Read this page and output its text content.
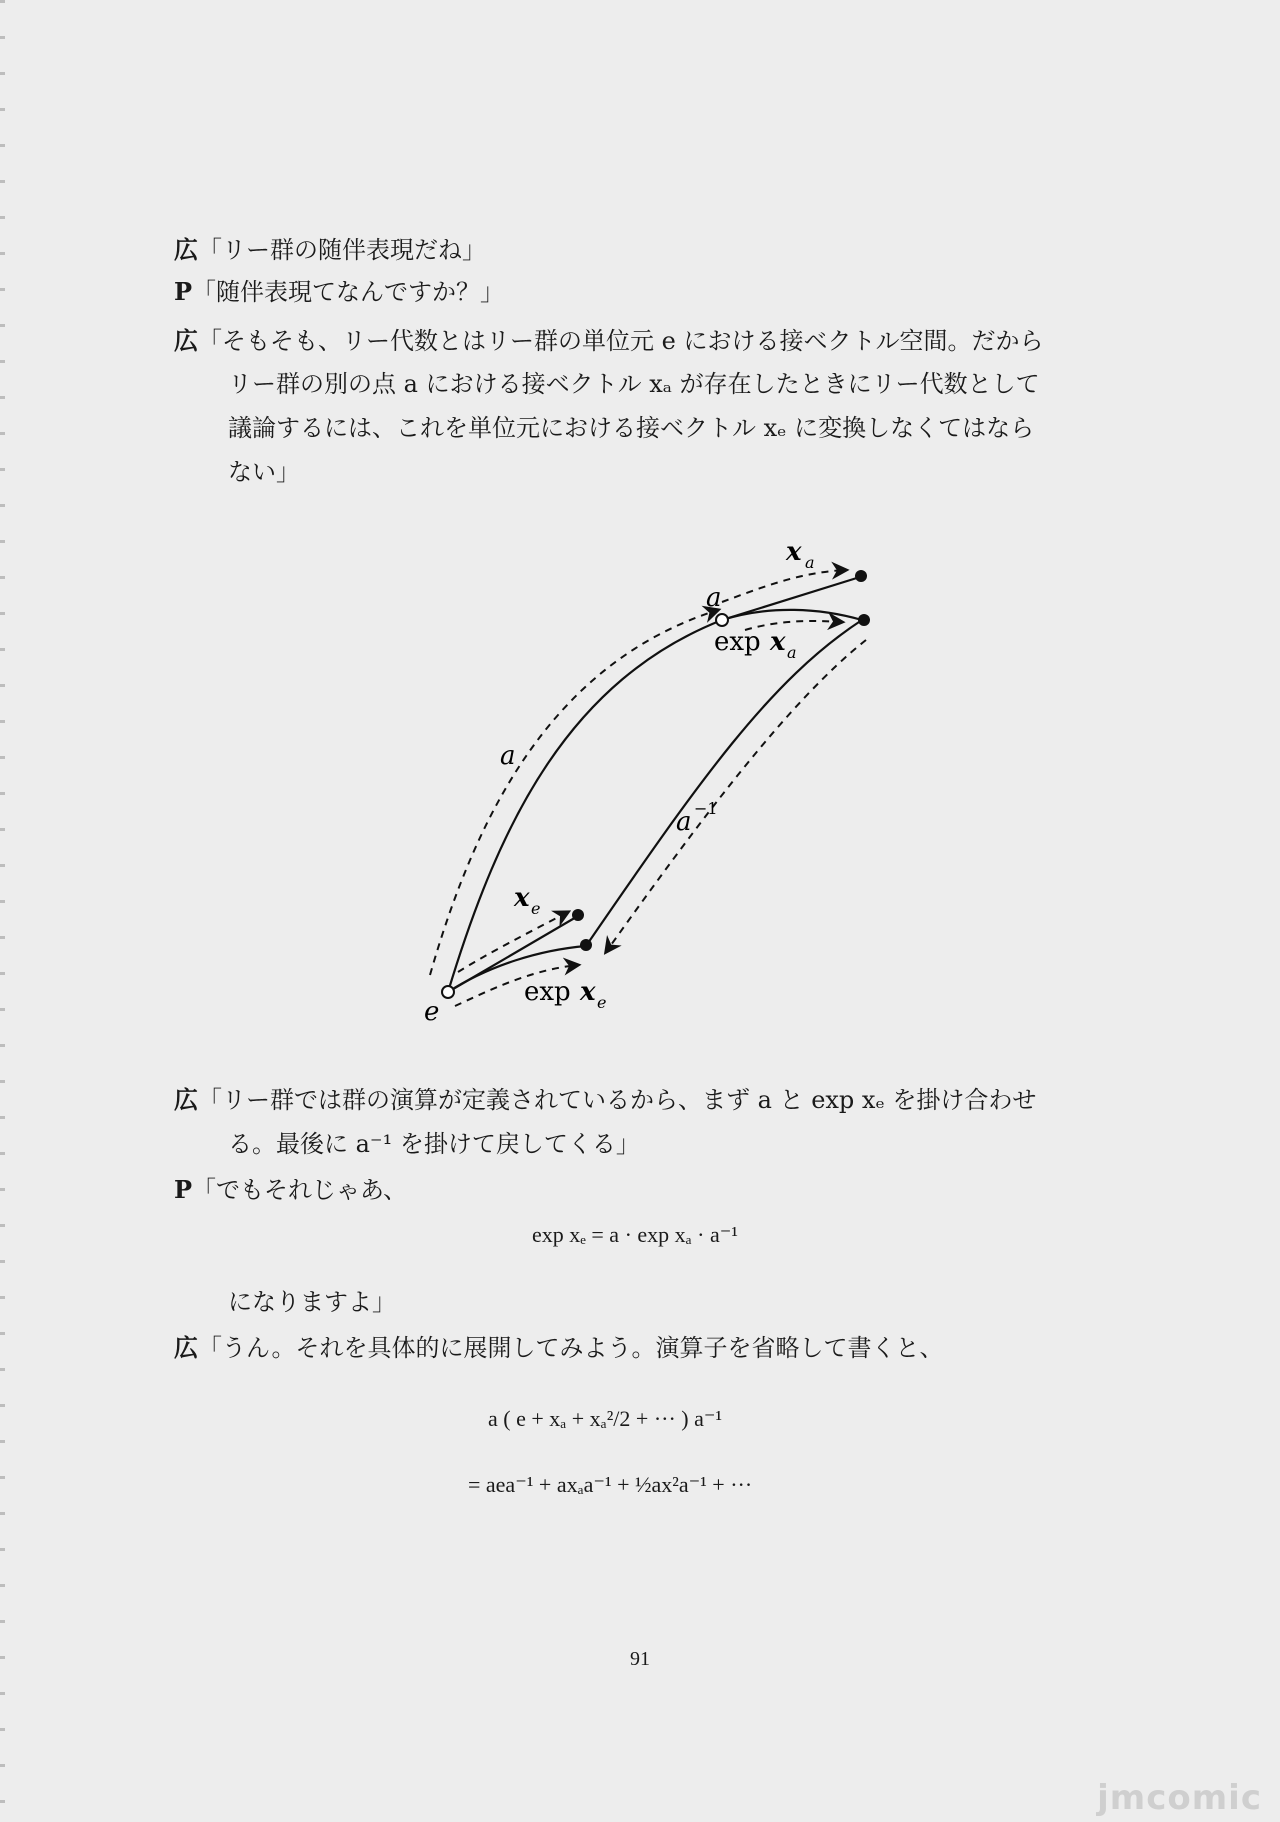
広「リー群の随伴表現だね」
P「随伴表現てなんですか？」
広「そもそも、リー代数とはリー群の単位元 e における接ベクトル空間。だから
リー群の別の点 a における接ベクトル xₐ が存在したときにリー代数として
議論するには、これを単位元における接ベクトル xₑ に変換しなくてはなら
ない」
x a
a
exp x a
a
a −1
x e
exp x e
e
広「リー群では群の演算が定義されているから、まず a と exp xₑ を掛け合わせ
る。最後に a⁻¹ を掛けて戻してくる」
P「でもそれじゃあ、
exp xₑ = a · exp xₐ · a⁻¹
になりますよ」
広「うん。それを具体的に展開してみよう。演算子を省略して書くと、
a ( e + xₐ + xₐ²/2 + ··· ) a⁻¹
= aea⁻¹ + axₐa⁻¹ + ½ax²a⁻¹ + ···
91
jmcomic
